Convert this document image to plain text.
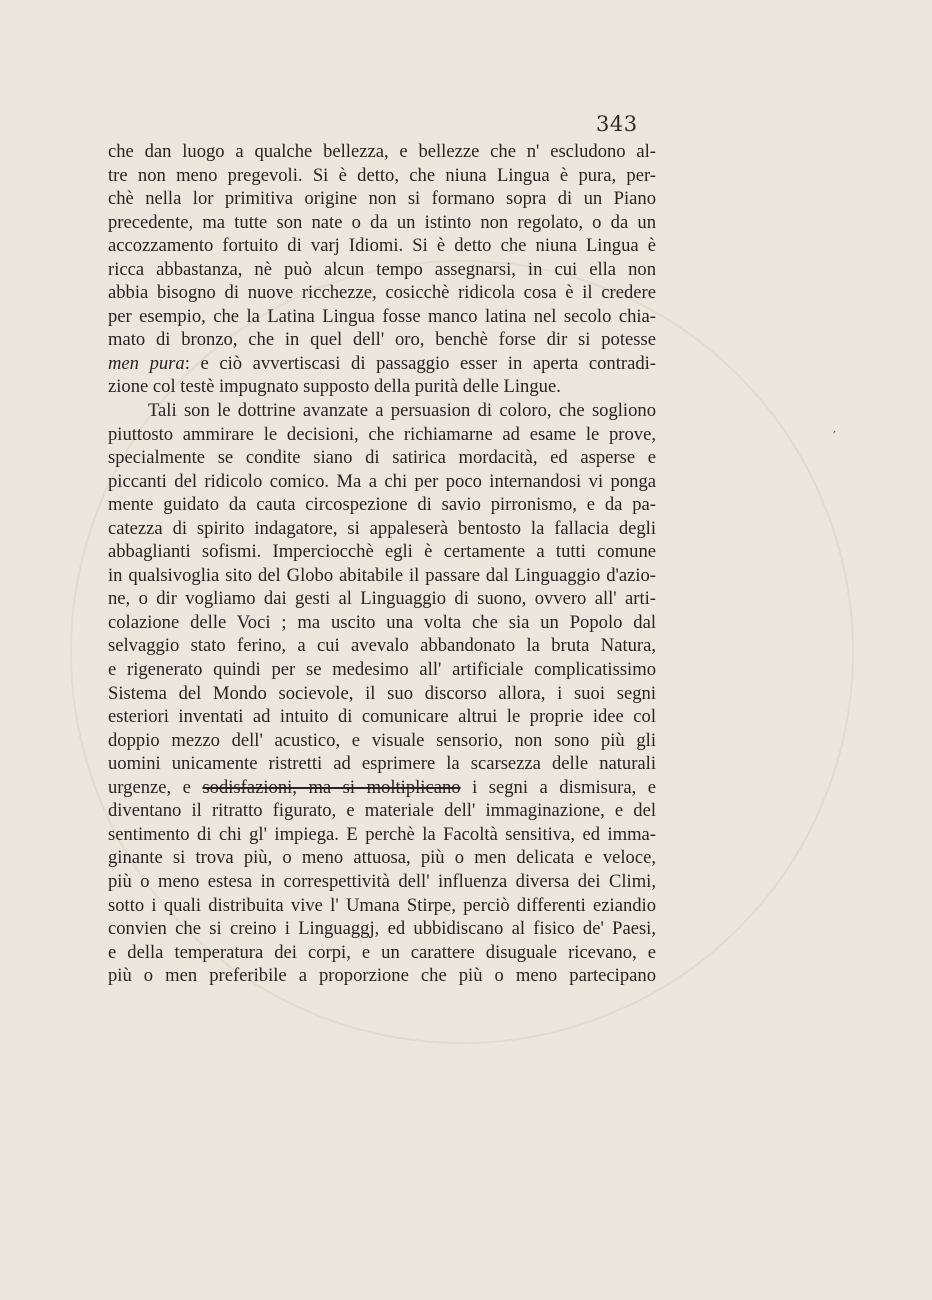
343
′
che dan luogo a qualche bellezza, e bellezze che n' escludono al-
tre non meno pregevoli. Si è detto, che niuna Lingua è pura, per-
chè nella lor primitiva origine non si formano sopra di un Piano
precedente, ma tutte son nate o da un istinto non regolato, o da un
accozzamento fortuito di varj Idiomi. Si è detto che niuna Lingua è
ricca abbastanza, nè può alcun tempo assegnarsi, in cui ella non
abbia bisogno di nuove ricchezze, cosicchè ridicola cosa è il credere
per esempio, che la Latina Lingua fosse manco latina nel secolo chia-
mato di bronzo, che in quel dell' oro, benchè forse dir si potesse
men pura: e ciò avvertiscasi di passaggio esser in aperta contradi-
zione col testè impugnato supposto della purità delle Lingue.
Tali son le dottrine avanzate a persuasion di coloro, che sogliono
piuttosto ammirare le decisioni, che richiamarne ad esame le prove,
specialmente se condite siano di satirica mordacità, ed asperse e
piccanti del ridicolo comico. Ma a chi per poco internandosi vi ponga
mente guidato da cauta circospezione di savio pirronismo, e da pa-
catezza di spirito indagatore, si appaleserà bentosto la fallacia degli
abbaglianti sofismi. Imperciocchè egli è certamente a tutti comune
in qualsivoglia sito del Globo abitabile il passare dal Linguaggio d'azio-
ne, o dir vogliamo dai gesti al Linguaggio di suono, ovvero all' arti-
colazione delle Voci ; ma uscito una volta che sia un Popolo dal
selvaggio stato ferino, a cui avevalo abbandonato la bruta Natura,
e rigenerato quindi per se medesimo all' artificiale complicatissimo
Sistema del Mondo socievole, il suo discorso allora, i suoi segni
esteriori inventati ad intuito di comunicare altrui le proprie idee col
doppio mezzo dell' acustico, e visuale sensorio, non sono più gli
uomini unicamente ristretti ad esprimere la scarsezza delle naturali
urgenze, e sodisfazioni, ma si moltiplicano i segni a dismisura, e
diventano il ritratto figurato, e materiale dell' immaginazione, e del
sentimento di chi gl' impiega. E perchè la Facoltà sensitiva, ed imma-
ginante si trova più, o meno attuosa, più o men delicata e veloce,
più o meno estesa in correspettività dell' influenza diversa dei Climi,
sotto i quali distribuita vive l' Umana Stirpe, perciò differenti eziandio
convien che si creino i Linguaggj, ed ubbidiscano al fisico de' Paesi,
e della temperatura dei corpi, e un carattere disuguale ricevano, e
più o men preferibile a proporzione che più o meno partecipano
